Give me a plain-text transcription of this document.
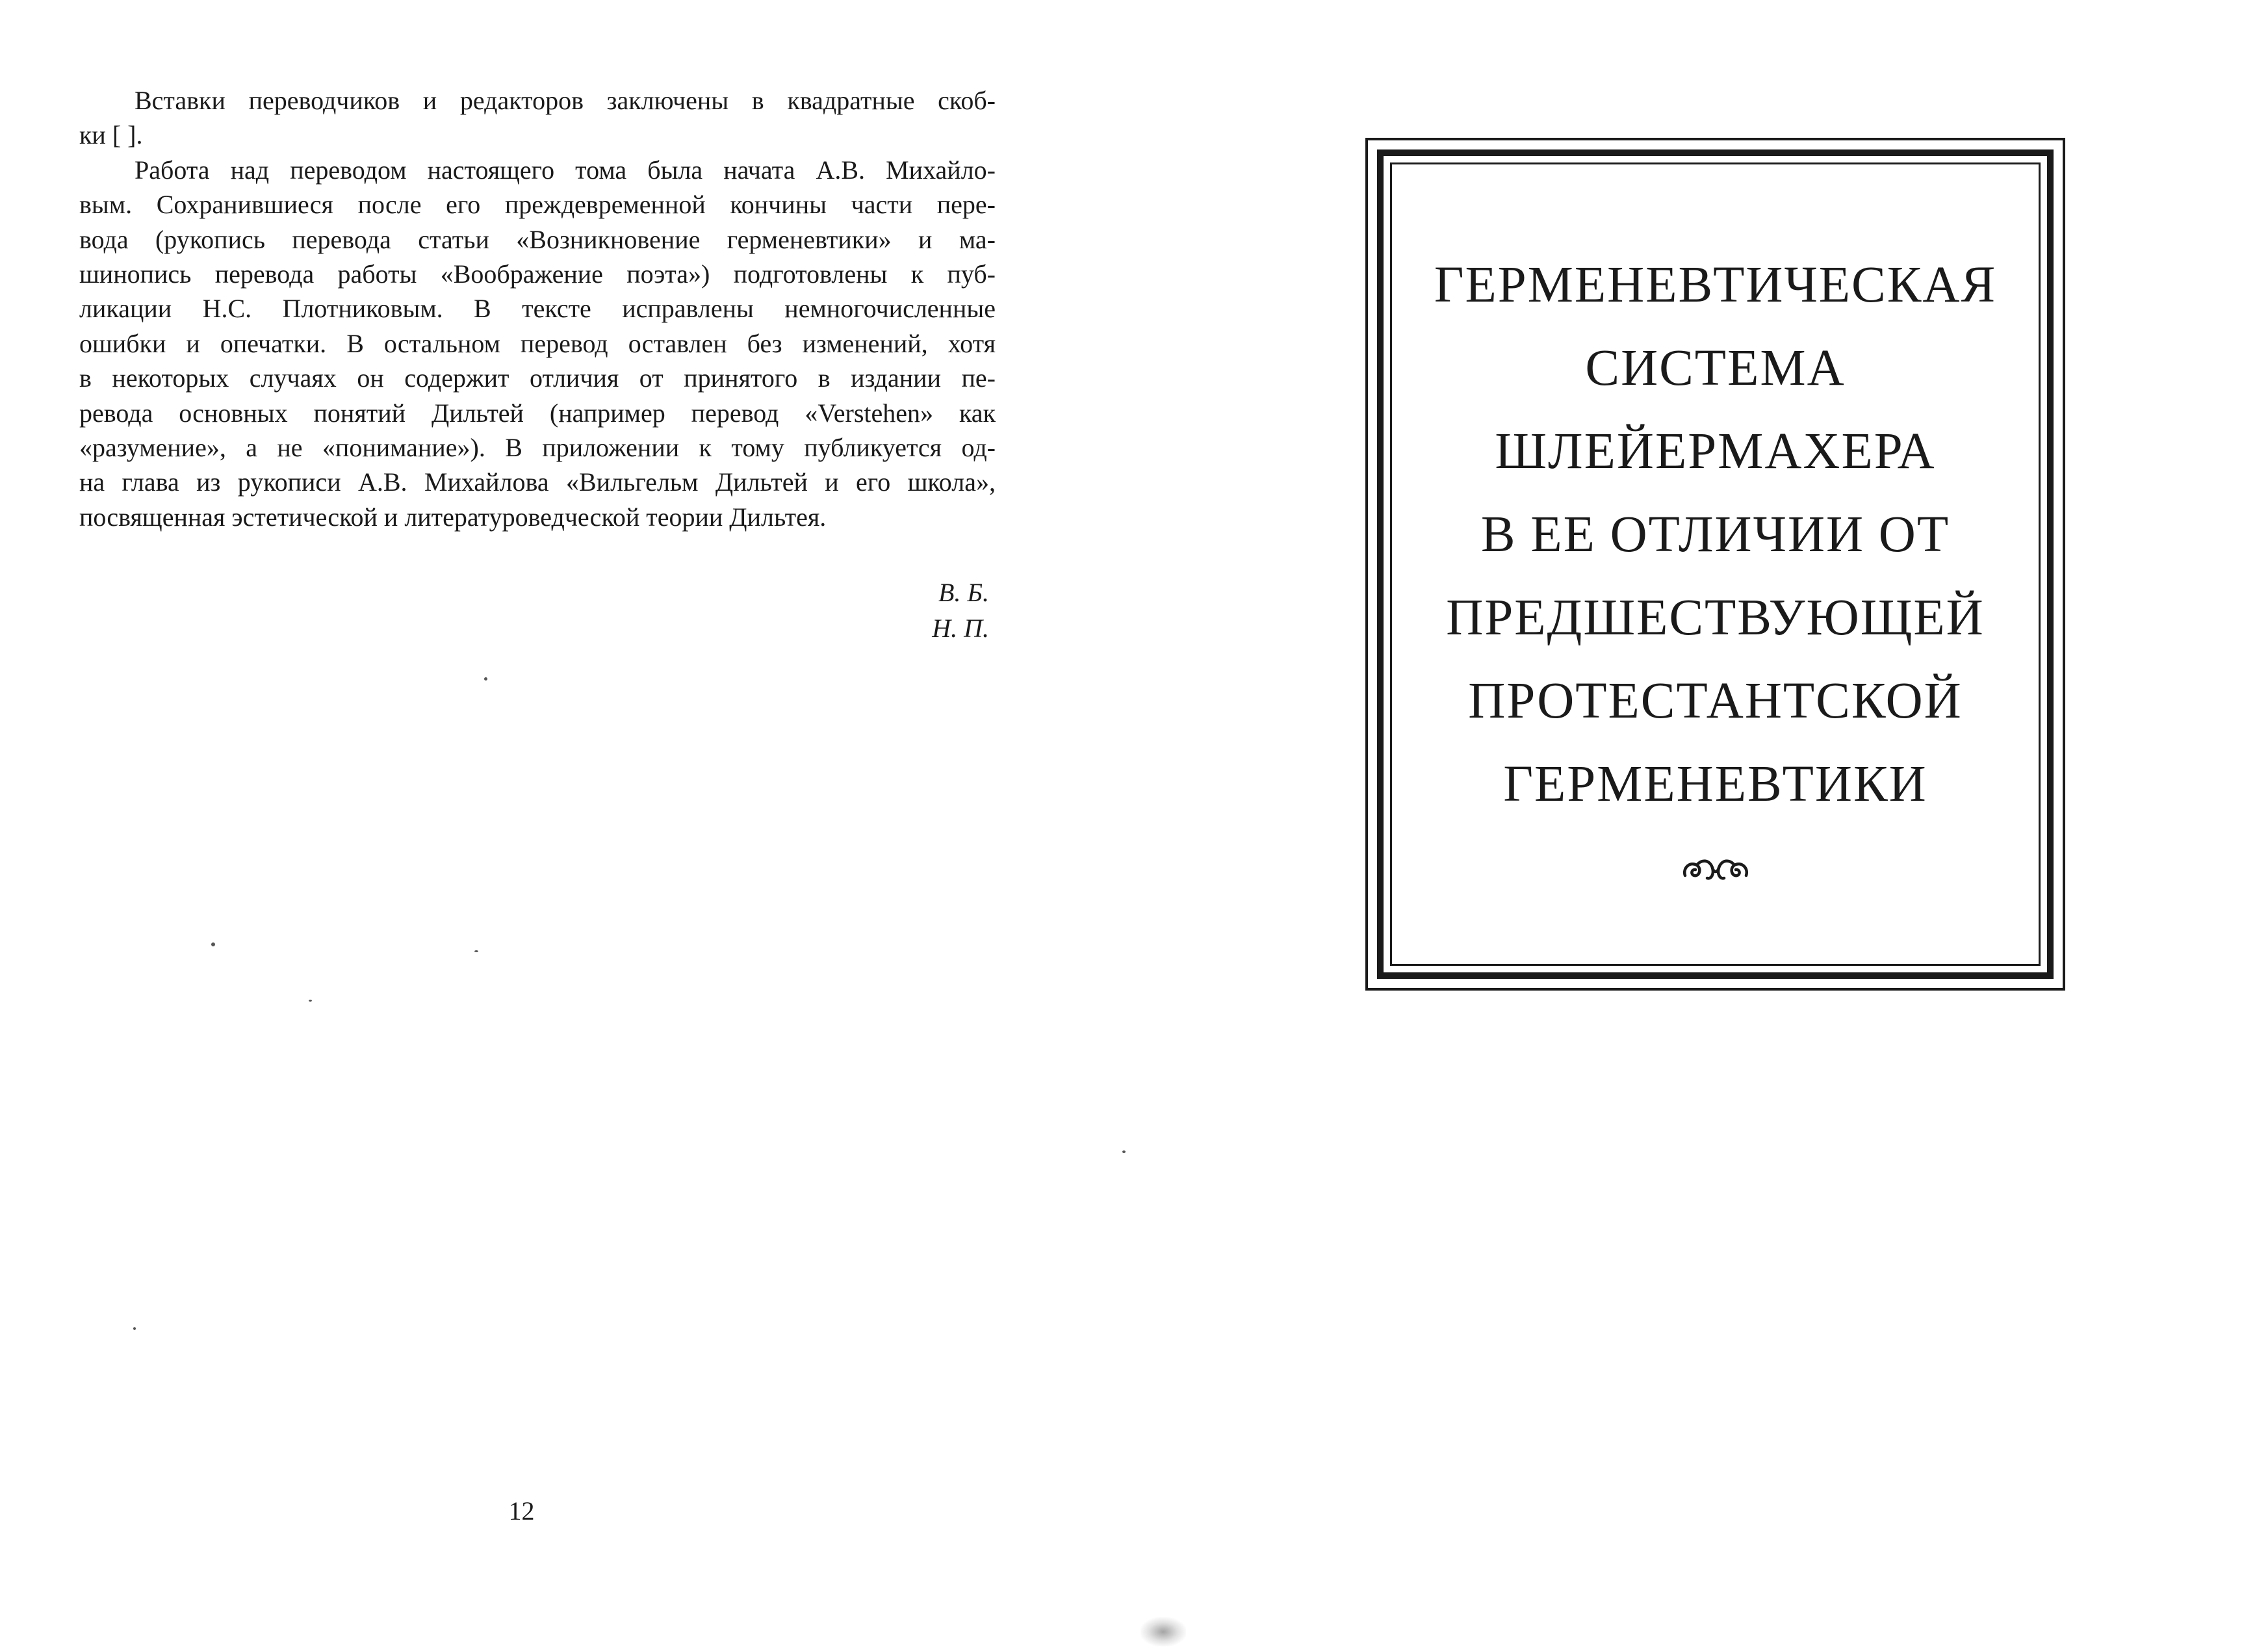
Вставки переводчиков и редакторов заключены в квадратные скоб-
ки [ ].
Работа над переводом настоящего тома была начата А.В. Михайло-
вым. Сохранившиеся после его преждевременной кончины части пере-
вода (рукопись перевода статьи «Возникновение герменевтики» и ма-
шинопись перевода работы «Воображение поэта») подготовлены к пуб-
ликации Н.С. Плотниковым. В тексте исправлены немногочисленные
ошибки и опечатки. В остальном перевод оставлен без изменений, хотя
в некоторых случаях он содержит отличия от принятого в издании пе-
ревода основных понятий Дильтей (например перевод «Verstehen» как
«разумение», а не «понимание»). В приложении к тому публикуется од-
на глава из рукописи А.В. Михайлова «Вильгельм Дильтей и его школа»,
посвященная эстетической и литературоведческой теории Дильтея.
В. Б.
Н. П.
12
ГЕРМЕНЕВТИЧЕСКАЯ
СИСТЕМА
ШЛЕЙЕРМАХЕРА
В ЕЕ ОТЛИЧИИ ОТ
ПРЕДШЕСТВУЮЩЕЙ
ПРОТЕСТАНТСКОЙ
ГЕРМЕНЕВТИКИ
